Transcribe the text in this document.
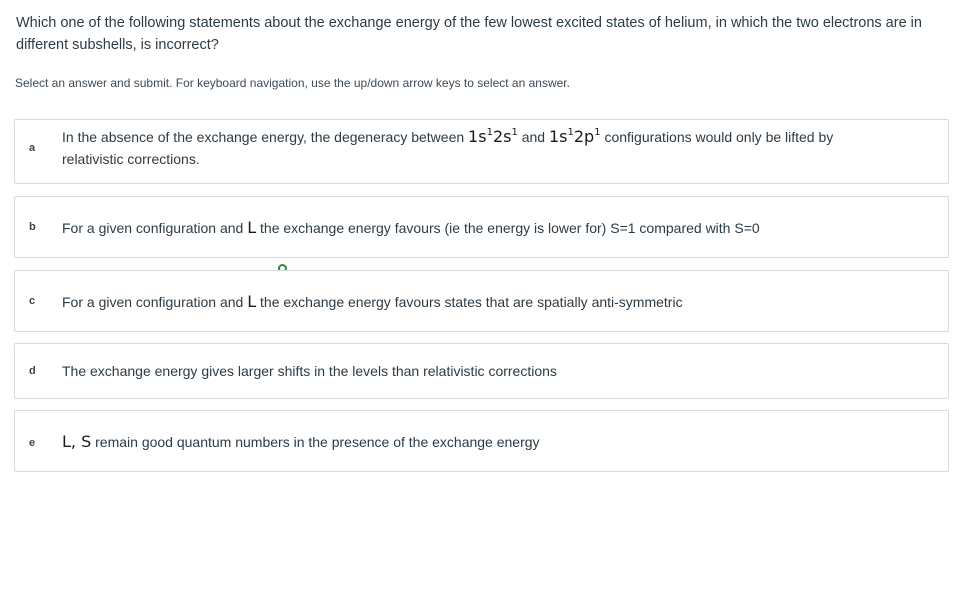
Which one of the following statements about the exchange energy of the few lowest excited states of helium, in which the two electrons are in different subshells, is incorrect?
Select an answer and submit. For keyboard navigation, use the up/down arrow keys to select an answer.
a
In the absence of the exchange energy, the degeneracy between $1s^12s^1$ and $1s^12p^1$ configurations would only be lifted by
relativistic corrections.
b For a given configuration and L the exchange energy favours (ie the energy is lower for) S=1 compared with S=0
c For a given configuration and L the exchange energy favours states that are spatially anti-symmetric
d The exchange energy gives larger shifts in the levels than relativistic corrections
e L, S remain good quantum numbers in the presence of the exchange energy
